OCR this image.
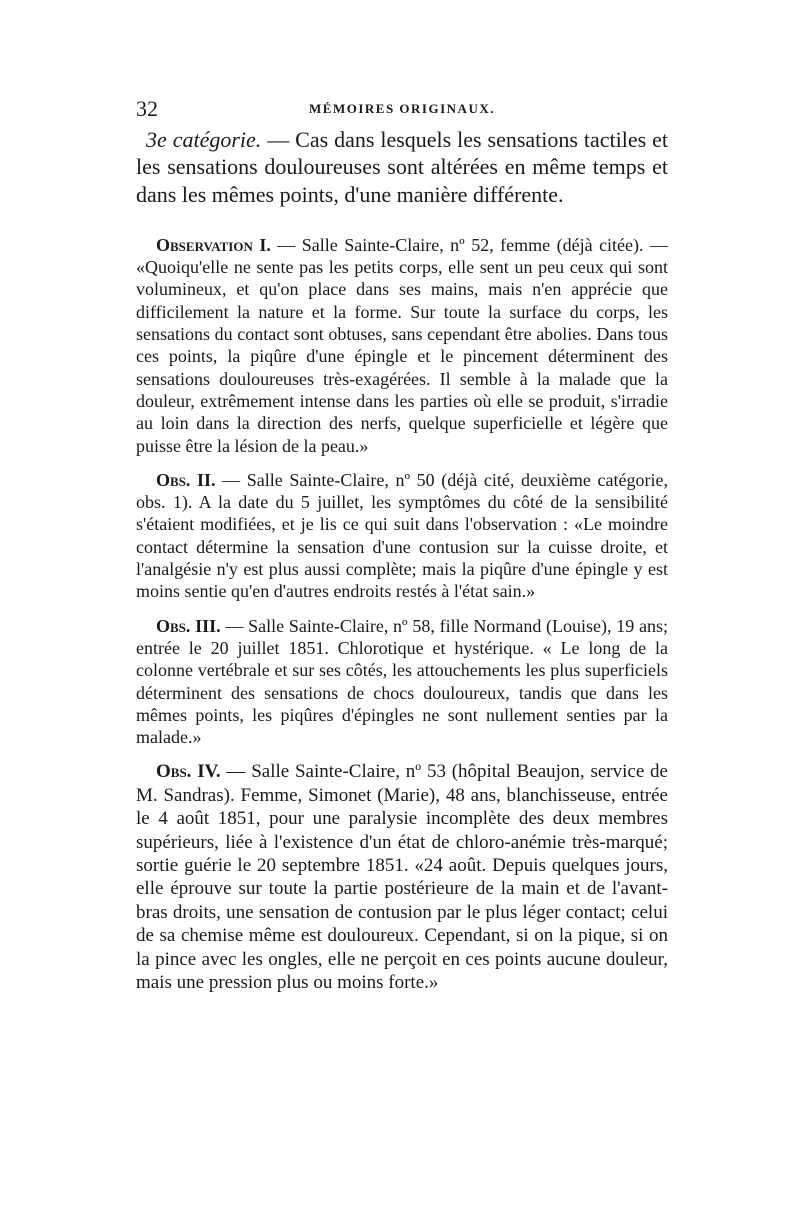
32	MÉMOIRES ORIGINAUX.

3e catégorie. — Cas dans lesquels les sensations tactiles et les sensations douloureuses sont altérées en même temps et dans les mêmes points, d'une manière différente.

Observation I. — Salle Sainte-Claire, nº 52, femme (déjà citée). — «Quoiqu'elle ne sente pas les petits corps, elle sent un peu ceux qui sont volumineux, et qu'on place dans ses mains, mais n'en apprécie que difficilement la nature et la forme. Sur toute la surface du corps, les sensations du contact sont obtuses, sans cependant être abolies. Dans tous ces points, la piqûre d'une épingle et le pincement déterminent des sensations douloureuses très-exagérées. Il semble à la malade que la douleur, extrêmement intense dans les parties où elle se produit, s'irradie au loin dans la direction des nerfs, quelque superficielle et légère que puisse être la lésion de la peau.»

Obs. II. — Salle Sainte-Claire, nº 50 (déjà cité, deuxième catégorie, obs. 1). A la date du 5 juillet, les symptômes du côté de la sensibilité s'étaient modifiées, et je lis ce qui suit dans l'observation : «Le moindre contact détermine la sensation d'une contusion sur la cuisse droite, et l'analgésie n'y est plus aussi complète; mais la piqûre d'une épingle y est moins sentie qu'en d'autres endroits restés à l'état sain.»

Obs. III. — Salle Sainte-Claire, nº 58, fille Normand (Louise), 19 ans; entrée le 20 juillet 1851. Chlorotique et hystérique. « Le long de la colonne vertébrale et sur ses côtés, les attouchements les plus superficiels déterminent des sensations de chocs douloureux, tandis que dans les mêmes points, les piqûres d'épingles ne sont nullement senties par la malade.»

Obs. IV. — Salle Sainte-Claire, nº 53 (hôpital Beaujon, service de M. Sandras). Femme, Simonet (Marie), 48 ans, blanchisseuse, entrée le 4 août 1851, pour une paralysie incomplète des deux membres supérieurs, liée à l'existence d'un état de chloro-anémie très-marqué; sortie guérie le 20 septembre 1851. «24 août. Depuis quelques jours, elle éprouve sur toute la partie postérieure de la main et de l'avant-bras droits, une sensation de contusion par le plus léger contact; celui de sa chemise même est douloureux. Cependant, si on la pique, si on la pince avec les ongles, elle ne perçoit en ces points aucune douleur, mais une pression plus ou moins forte.»
